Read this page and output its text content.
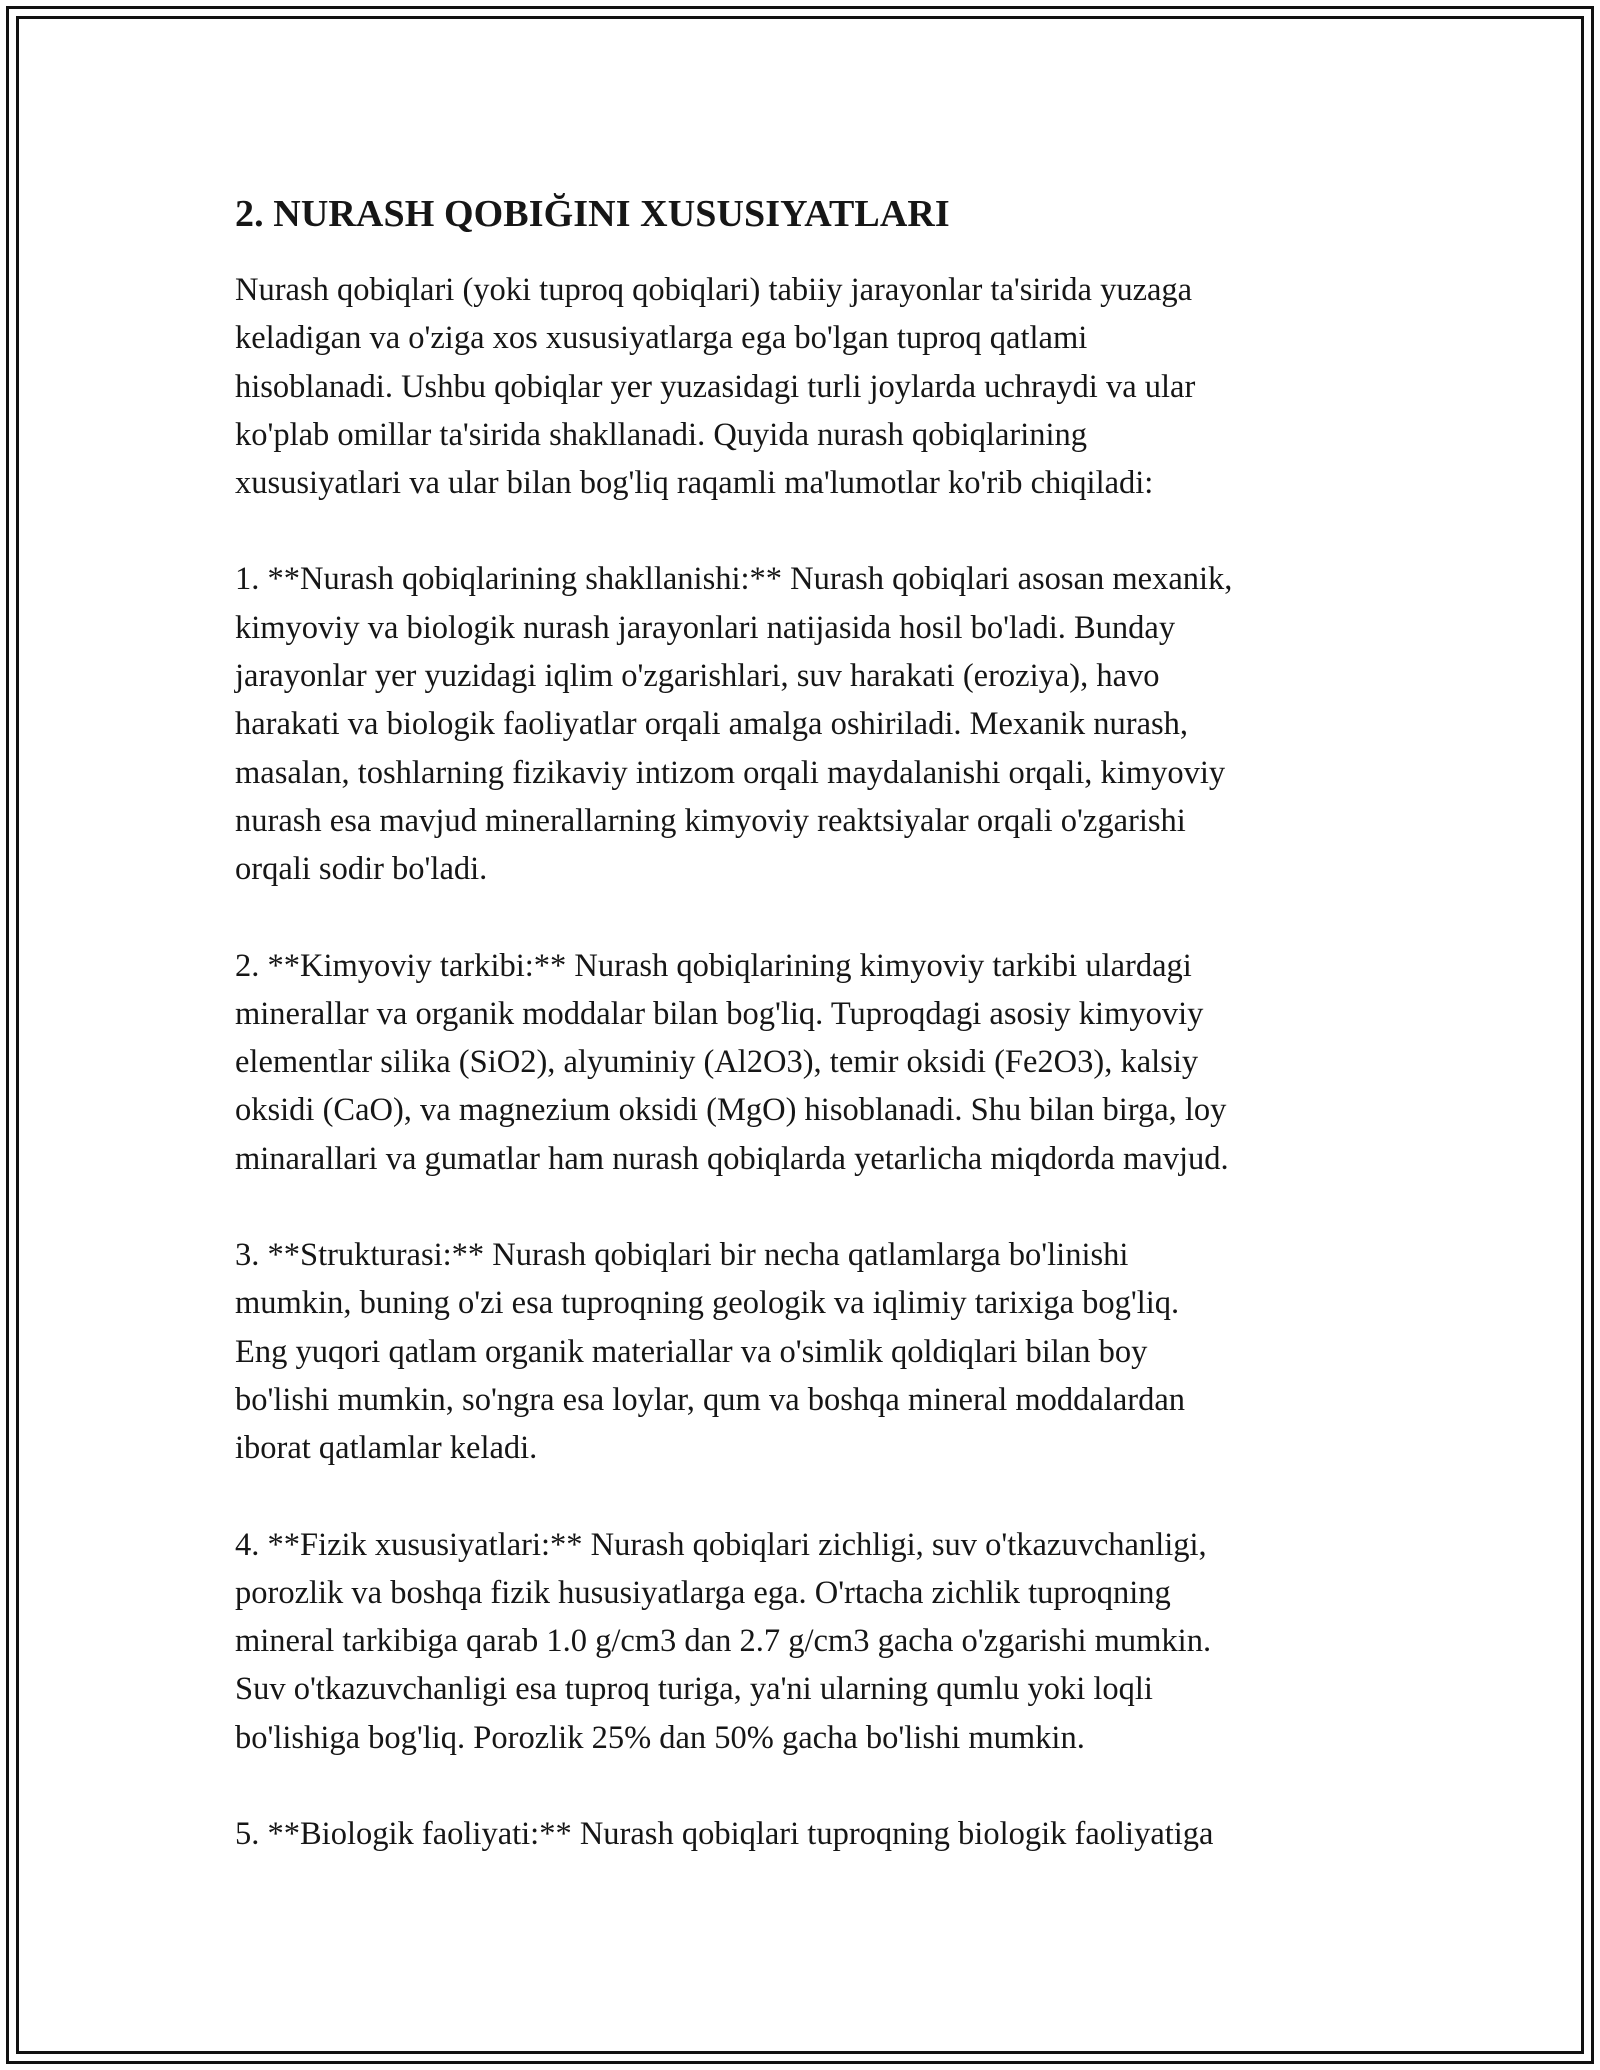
2. NURASH QOBIĞINI XUSUSIYATLARI

Nurash qobiqlari (yoki tuproq qobiqlari) tabiiy jarayonlar ta'sirida yuzaga
keladigan va o'ziga xos xususiyatlarga ega bo'lgan tuproq qatlami
hisoblanadi. Ushbu qobiqlar yer yuzasidagi turli joylarda uchraydi va ular
ko'plab omillar ta'sirida shakllanadi. Quyida nurash qobiqlarining
xususiyatlari va ular bilan bog'liq raqamli ma'lumotlar ko'rib chiqiladi:

1. **Nurash qobiqlarining shakllanishi:** Nurash qobiqlari asosan mexanik,
kimyoviy va biologik nurash jarayonlari natijasida hosil bo'ladi. Bunday
jarayonlar yer yuzidagi iqlim o'zgarishlari, suv harakati (eroziya), havo
harakati va biologik faoliyatlar orqali amalga oshiriladi. Mexanik nurash,
masalan, toshlarning fizikaviy intizom orqali maydalanishi orqali, kimyoviy
nurash esa mavjud minerallarning kimyoviy reaktsiyalar orqali o'zgarishi
orqali sodir bo'ladi.

2. **Kimyoviy tarkibi:** Nurash qobiqlarining kimyoviy tarkibi ulardagi
minerallar va organik moddalar bilan bog'liq. Tuproqdagi asosiy kimyoviy
elementlar silika (SiO2), alyuminiy (Al2O3), temir oksidi (Fe2O3), kalsiy
oksidi (CaO), va magnezium oksidi (MgO) hisoblanadi. Shu bilan birga, loy
minarallari va gumatlar ham nurash qobiqlarda yetarlicha miqdorda mavjud.

3. **Strukturasi:** Nurash qobiqlari bir necha qatlamlarga bo'linishi
mumkin, buning o'zi esa tuproqning geologik va iqlimiy tarixiga bog'liq.
Eng yuqori qatlam organik materiallar va o'simlik qoldiqlari bilan boy
bo'lishi mumkin, so'ngra esa loylar, qum va boshqa mineral moddalardan
iborat qatlamlar keladi.

4. **Fizik xususiyatlari:** Nurash qobiqlari zichligi, suv o'tkazuvchanligi,
porozlik va boshqa fizik hususiyatlarga ega. O'rtacha zichlik tuproqning
mineral tarkibiga qarab 1.0 g/cm3 dan 2.7 g/cm3 gacha o'zgarishi mumkin.
Suv o'tkazuvchanligi esa tuproq turiga, ya'ni ularning qumlu yoki loqli
bo'lishiga bog'liq. Porozlik 25% dan 50% gacha bo'lishi mumkin.

5. **Biologik faoliyati:** Nurash qobiqlari tuproqning biologik faoliyatiga
